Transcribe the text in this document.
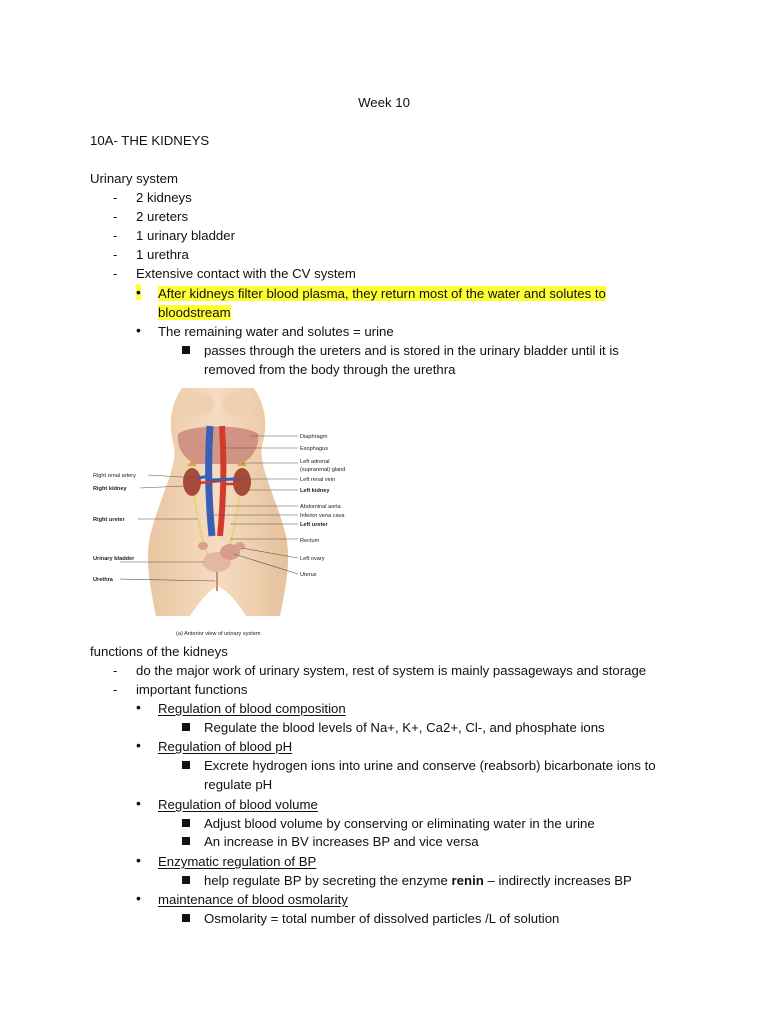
Week 10
10A- THE KIDNEYS
Urinary system
- 2 kidneys
- 2 ureters
- 1 urinary bladder
- 1 urethra
- Extensive contact with the CV system
• After kidneys filter blood plasma, they return most of the water and solutes to
bloodstream
• The remaining water and solutes = urine
passes through the ureters and is stored in the urinary bladder until it is
removed from the body through the urethra
Right renal artery
Right kidney
Right ureter
Urinary bladder
Urethra
Diaphragm
Esophagus
Left adrenal
(suprarenal) gland
Left renal vein
Left kidney
Abdominal aorta
Inferior vena cava
Left ureter
Rectum
Left ovary
Uterus
(a) Anterior view of urinary system
functions of the kidneys
- do the major work of urinary system, rest of system is mainly passageways and storage
- important functions
• Regulation of blood composition
Regulate the blood levels of Na+, K+, Ca2+, Cl-, and phosphate ions
• Regulation of blood pH
Excrete hydrogen ions into urine and conserve (reabsorb) bicarbonate ions to
regulate pH
• Regulation of blood volume
Adjust blood volume by conserving or eliminating water in the urine
An increase in BV increases BP and vice versa
• Enzymatic regulation of BP
help regulate BP by secreting the enzyme renin – indirectly increases BP
• maintenance of blood osmolarity
Osmolarity = total number of dissolved particles /L of solution
